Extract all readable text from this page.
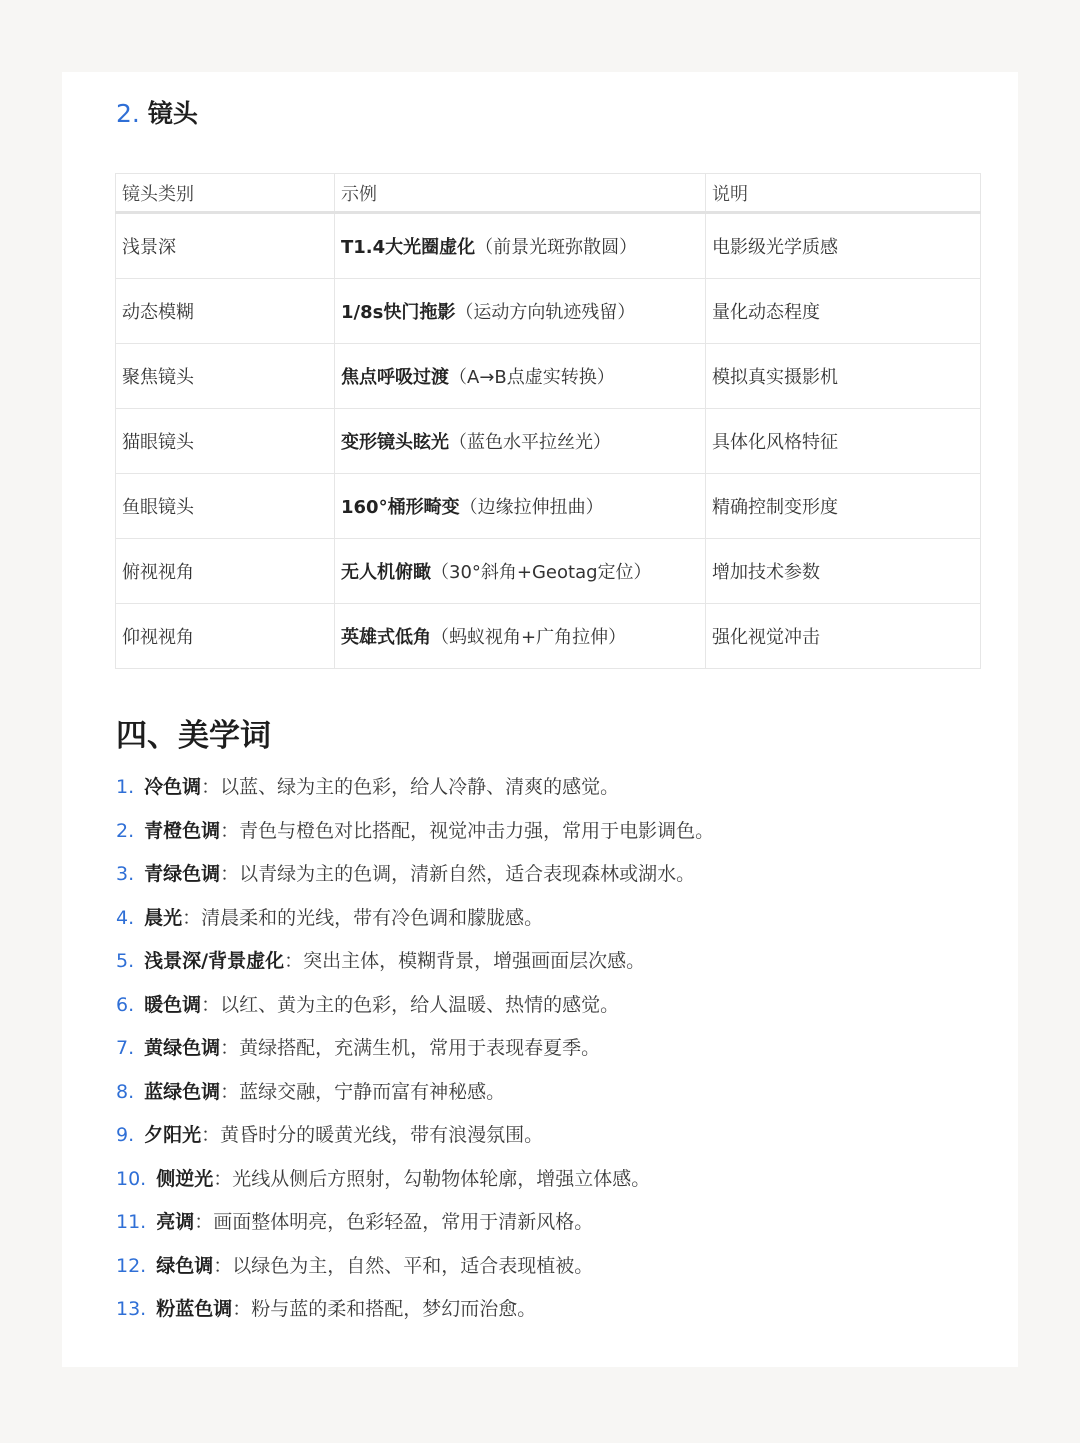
2. 镜头
镜头类别	示例	说明
浅景深	T1.4大光圈虚化（前景光斑弥散圆）	电影级光学质感
动态模糊	1/8s快门拖影（运动方向轨迹残留）	量化动态程度
聚焦镜头	焦点呼吸过渡（A→B点虚实转换）	模拟真实摄影机
猫眼镜头	变形镜头眩光（蓝色水平拉丝光）	具体化风格特征
鱼眼镜头	160°桶形畸变（边缘拉伸扭曲）	精确控制变形度
俯视视角	无人机俯瞰（30°斜角+Geotag定位）	增加技术参数
仰视视角	英雄式低角（蚂蚁视角+广角拉伸）	强化视觉冲击
四、美学词
1. 冷色调：以蓝、绿为主的色彩，给人冷静、清爽的感觉。
2. 青橙色调：青色与橙色对比搭配，视觉冲击力强，常用于电影调色。
3. 青绿色调：以青绿为主的色调，清新自然，适合表现森林或湖水。
4. 晨光：清晨柔和的光线，带有冷色调和朦胧感。
5. 浅景深/背景虚化：突出主体，模糊背景，增强画面层次感。
6. 暖色调：以红、黄为主的色彩，给人温暖、热情的感觉。
7. 黄绿色调：黄绿搭配，充满生机，常用于表现春夏季。
8. 蓝绿色调：蓝绿交融，宁静而富有神秘感。
9. 夕阳光：黄昏时分的暖黄光线，带有浪漫氛围。
10. 侧逆光：光线从侧后方照射，勾勒物体轮廓，增强立体感。
11. 亮调：画面整体明亮，色彩轻盈，常用于清新风格。
12. 绿色调：以绿色为主，自然、平和，适合表现植被。
13. 粉蓝色调：粉与蓝的柔和搭配，梦幻而治愈。
